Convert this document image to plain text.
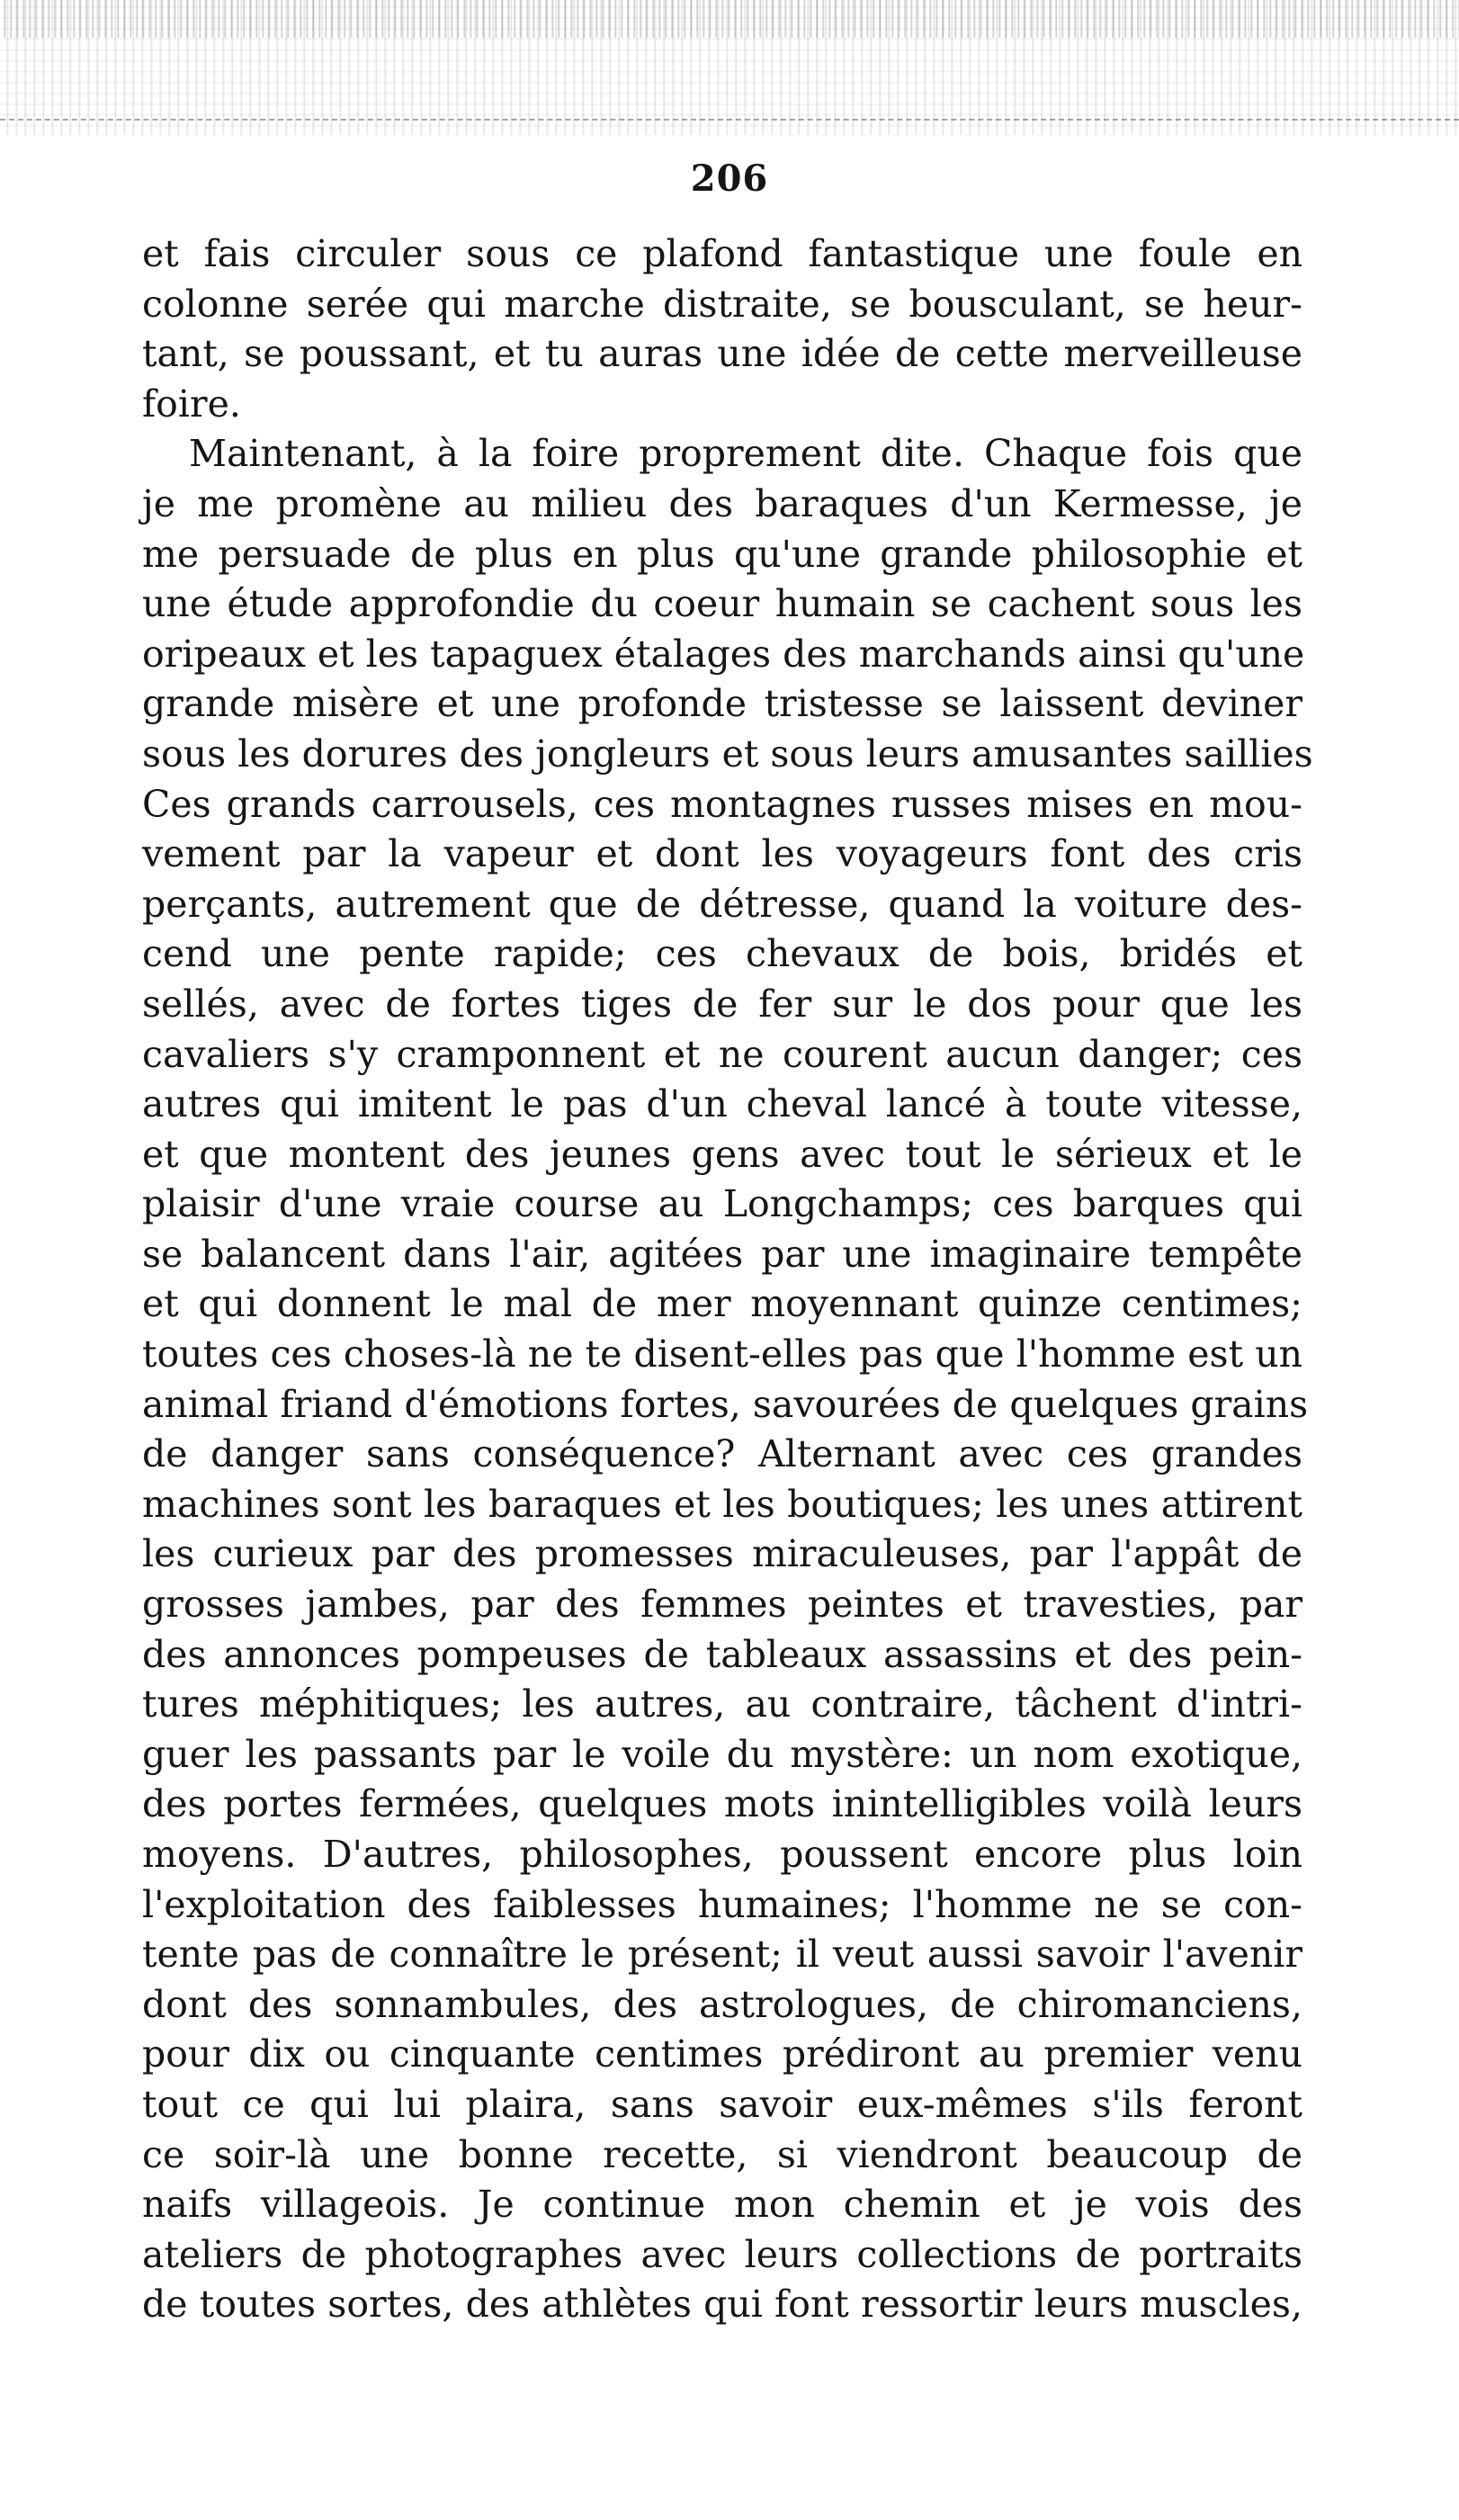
206
et fais circuler sous ce plafond fantastique une foule en
colonne serée qui marche distraite, se bousculant, se heur-
tant, se poussant, et tu auras une idée de cette merveilleuse
foire.
Maintenant, à la foire proprement dite. Chaque fois que
je me promène au milieu des baraques d'un Kermesse, je
me persuade de plus en plus qu'une grande philosophie et
une étude approfondie du coeur humain se cachent sous les
oripeaux et les tapaguex étalages des marchands ainsi qu'une
grande misère et une profonde tristesse se laissent deviner
sous les dorures des jongleurs et sous leurs amusantes saillies
Ces grands carrousels, ces montagnes russes mises en mou-
vement par la vapeur et dont les voyageurs font des cris
perçants, autrement que de détresse, quand la voiture des-
cend une pente rapide; ces chevaux de bois, bridés et
sellés, avec de fortes tiges de fer sur le dos pour que les
cavaliers s'y cramponnent et ne courent aucun danger; ces
autres qui imitent le pas d'un cheval lancé à toute vitesse,
et que montent des jeunes gens avec tout le sérieux et le
plaisir d'une vraie course au Longchamps; ces barques qui
se balancent dans l'air, agitées par une imaginaire tempête
et qui donnent le mal de mer moyennant quinze centimes;
toutes ces choses-là ne te disent-elles pas que l'homme est un
animal friand d'émotions fortes, savourées de quelques grains
de danger sans conséquence? Alternant avec ces grandes
machines sont les baraques et les boutiques; les unes attirent
les curieux par des promesses miraculeuses, par l'appât de
grosses jambes, par des femmes peintes et travesties, par
des annonces pompeuses de tableaux assassins et des pein-
tures méphitiques; les autres, au contraire, tâchent d'intri-
guer les passants par le voile du mystère: un nom exotique,
des portes fermées, quelques mots inintelligibles voilà leurs
moyens. D'autres, philosophes, poussent encore plus loin
l'exploitation des faiblesses humaines; l'homme ne se con-
tente pas de connaître le présent; il veut aussi savoir l'avenir
dont des sonnambules, des astrologues, de chiromanciens,
pour dix ou cinquante centimes prédiront au premier venu
tout ce qui lui plaira, sans savoir eux-mêmes s'ils feront
ce soir-là une bonne recette, si viendront beaucoup de
naifs villageois. Je continue mon chemin et je vois des
ateliers de photographes avec leurs collections de portraits
de toutes sortes, des athlètes qui font ressortir leurs muscles,
